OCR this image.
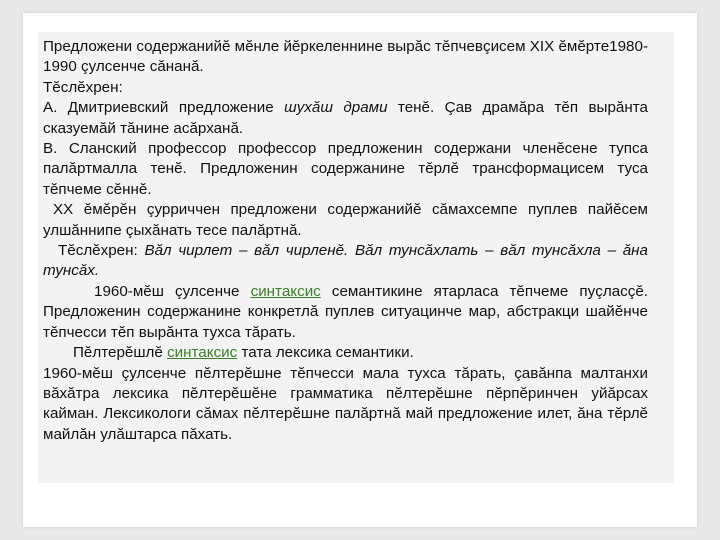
Предложени содержанийĕ мĕнле йĕркеленнине вырăс тĕпчевçисем XIX ĕмĕрте1980-1990 çулсенче сăнанă.

Тĕслĕхрен:

А. Дмитриевский предложение шухăш драми тенĕ. Çав драмăра тĕп вырăнта сказуемăй тăнине асăрханă.

В. Сланский профессор профессор предложенин содержани членĕсене тупса палăртмалла тенĕ. Предложенин содержанине тĕрлĕ трансформацисем туса тĕпчеме сĕннĕ.

XX ĕмĕрĕн çурриччен предложени содержанийĕ сăмахсемпе пуплев пайĕсем улшăннипе çыхăнать тесе палăртнă.

Тĕслĕхрен: Вăл чирлет – вăл чирленĕ. Вăл тунсăхлать – вăл тунсăхла – ăна тунсăх.

1960-мĕш çулсенче синтаксис семантикине ятарласа тĕпчеме пуçласçĕ. Предложенин содержанине конкретлă пуплев ситуацинче мар, абстракци шайĕнче тĕпчесси тĕп вырăнта тухса тăрать.

Пĕлтерĕшлĕ синтаксис тата лексика семантики.

1960-мĕш çулсенче пĕлтерĕшне тĕпчесси мала тухса тăрать, çавăнпа малтанхи вăхăтра лексика пĕлтерĕшĕне грамматика пĕлтерĕшне пĕрпĕринчен уйăрсах кайман. Лексикологи сăмах пĕлтерĕшне палăртнă май предложение илет, ăна тĕрлĕ майлăн улăштарса пăхать.
